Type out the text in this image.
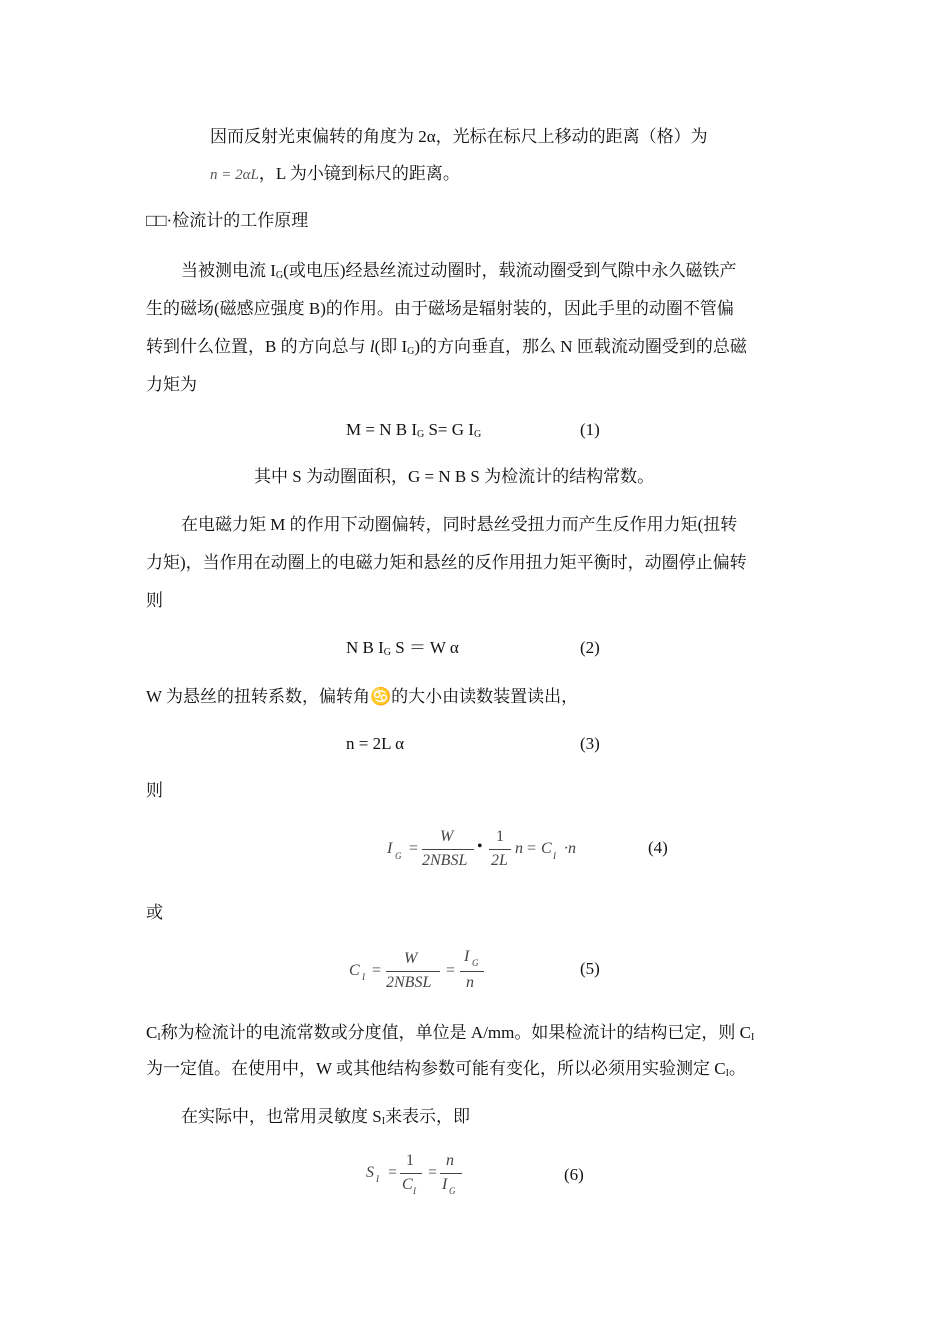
因而反射光束偏转的角度为 2α，光标在标尺上移动的距离（格）为
n = 2αL，L 为小镜到标尺的距离。
□□·检流计的工作原理
当被测电流 $I_G$(或电压)经悬丝流过动圈时，载流动圈受到气隙中永久磁铁产
生的磁场(磁感应强度 B)的作用。由于磁场是辐射装的，因此手里的动圈不管偏
转到什么位置，B 的方向总与 l(即 $I_G$)的方向垂直，那么 N 匝载流动圈受到的总磁
力矩为
M = N B $I_G$ S= G $I_G$	(1)
其中 S 为动圈面积，G = N B S 为检流计的结构常数。
在电磁力矩 M 的作用下动圈偏转，同时悬丝受扭力而产生反作用力矩(扭转
力矩)，当作用在动圈上的电磁力矩和悬丝的反作用扭力矩平衡时，动圈停止偏转
则
N B $I_G$ S ＝ W α	(2)
W 为悬丝的扭转系数，偏转角♋的大小由读数装置读出，
n = 2L α	(3)
则
I G =
W
2NBSL
•
1
2L
n = C I ·n	(4)
或
C I =
W
2NBSL
=
I G
n
(5)
$C_I$称为检流计的电流常数或分度值，单位是 A/mm。如果检流计的结构已定，则 $C_I$
为一定值。在使用中，W 或其他结构参数可能有变化，所以必须用实验测定 $C_I$。
在实际中，也常用灵敏度 $S_I$来表示，即
S I =
1
C I
=
n
I G
(6)
